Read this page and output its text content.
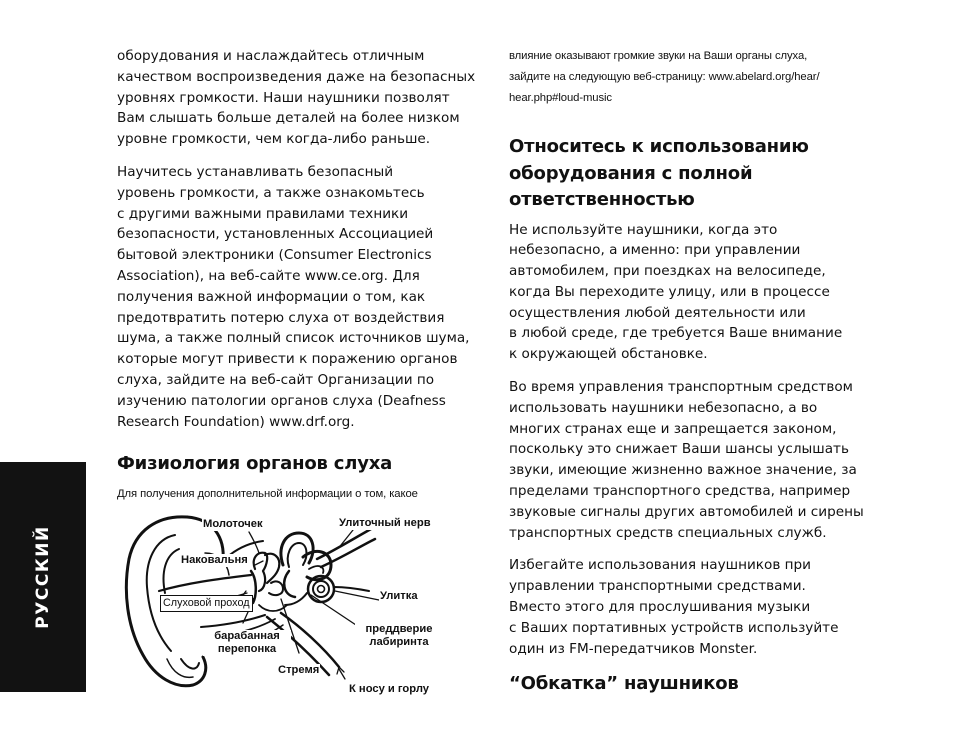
РУССКИЙ

оборудования и наслаждайтесь отличным
качеством воспроизведения даже на безопасных
уровнях громкости. Наши наушники позволят
Вам слышать больше деталей на более низком
уровне громкости, чем когда-либо раньше.

Научитесь устанавливать безопасный
уровень громкости, а также ознакомьтесь
с другими важными правилами техники
безопасности, установленных Ассоциацией
бытовой электроники (Consumer Electronics
Association), на веб-сайте www.ce.org. Для
получения важной информации о том, как
предотвратить потерю слуха от воздействия
шума, а также полный список источников шума,
которые могут привести к поражению органов
слуха, зайдите на веб-сайт Организации по
изучению патологии органов слуха (Deafness
Research Foundation) www.drf.org.

Физиология органов слуха

Для получения дополнительной информации о том, какое

Молоточек	Улиточный нерв
Наковальня
Слуховой проход
Улитка
барабанная
перепонка
преддверие
лабиринта
Стремя
К носу и горлу

влияние оказывают громкие звуки на Ваши органы слуха,
зайдите на следующую веб-страницу: www.abelard.org/hear/
hear.php#loud-music

Относитесь к использованию
оборудования с полной
ответственностью

Не используйте наушники, когда это
небезопасно, а именно: при управлении
автомобилем, при поездках на велосипеде,
когда Вы переходите улицу, или в процессе
осуществления любой деятельности или
в любой среде, где требуется Ваше внимание
к окружающей обстановке.

Во время управления транспортным средством
использовать наушники небезопасно, а во
многих странах еще и запрещается законом,
поскольку это снижает Ваши шансы услышать
звуки, имеющие жизненно важное значение, за
пределами транспортного средства, например
звуковые сигналы других автомобилей и сирены
транспортных средств специальных служб.

Избегайте использования наушников при
управлении транспортными средствами.
Вместо этого для прослушивания музыки
с Ваших портативных устройств используйте
один из FM-передатчиков Monster.

“Обкатка” наушников
